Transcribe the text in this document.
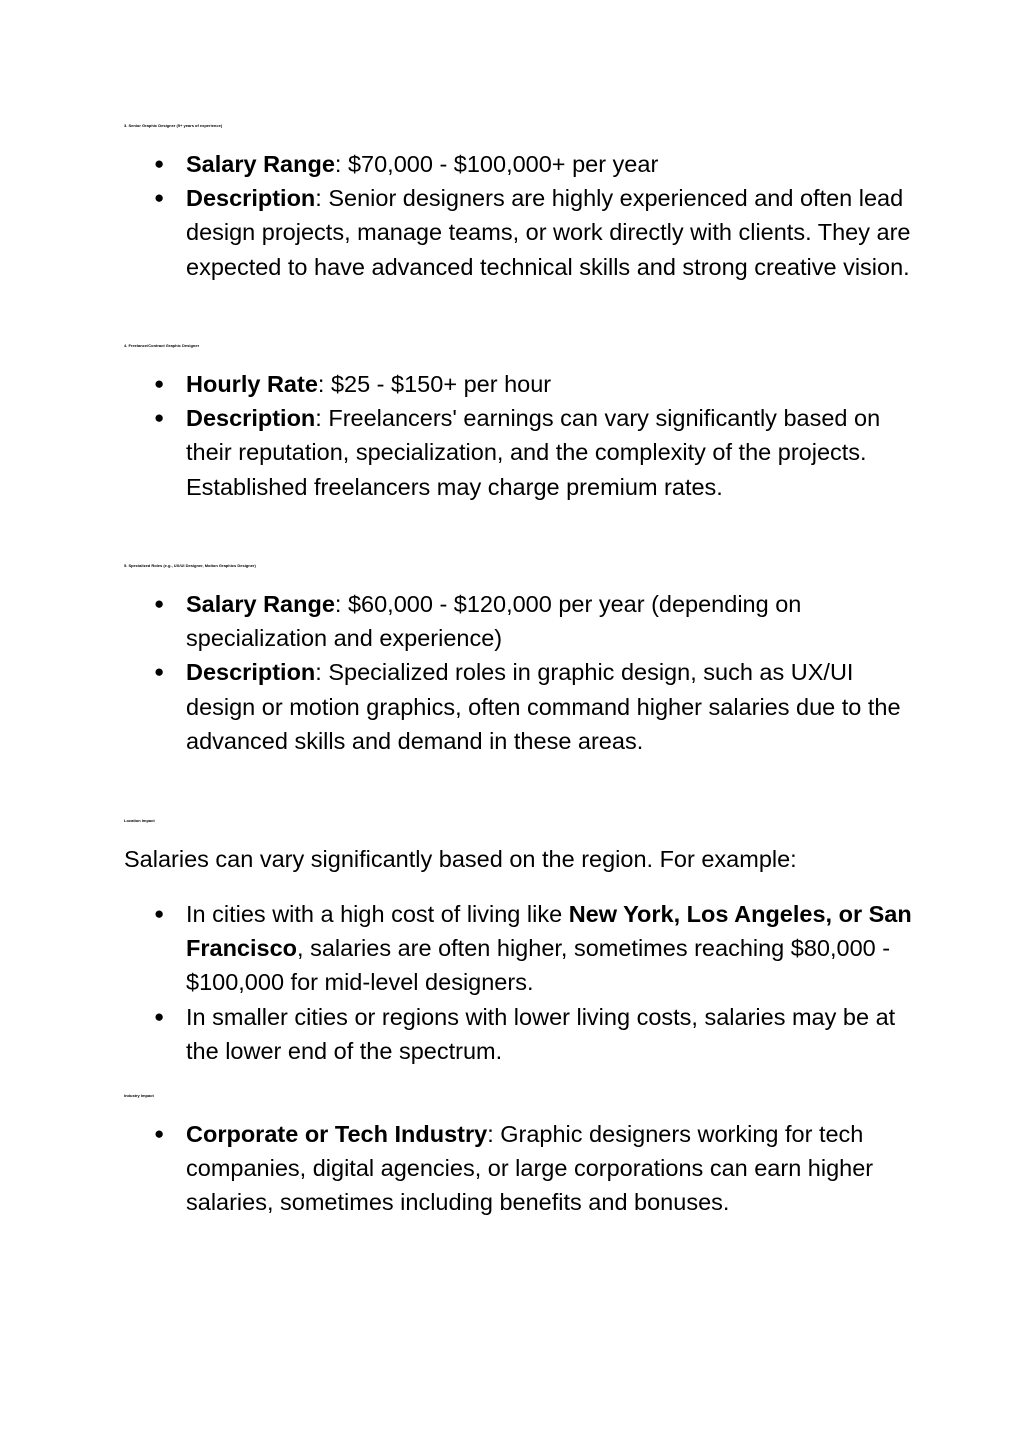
3. Senior Graphic Designer (5+ years of experience)
● Salary Range: $70,000 - $100,000+ per year
● Description: Senior designers are highly experienced and often lead design projects, manage teams, or work directly with clients. They are expected to have advanced technical skills and strong creative vision.
4. Freelance/Contract Graphic Designer
● Hourly Rate: $25 - $150+ per hour
● Description: Freelancers' earnings can vary significantly based on their reputation, specialization, and the complexity of the projects. Established freelancers may charge premium rates.
5. Specialized Roles (e.g., UX/UI Designer, Motion Graphics Designer)
● Salary Range: $60,000 - $120,000 per year (depending on specialization and experience)
● Description: Specialized roles in graphic design, such as UX/UI design or motion graphics, often command higher salaries due to the advanced skills and demand in these areas.
Location Impact

Salaries can vary significantly based on the region. For example:

● In cities with a high cost of living like New York, Los Angeles, or San Francisco, salaries are often higher, sometimes reaching $80,000 - $100,000 for mid-level designers.
● In smaller cities or regions with lower living costs, salaries may be at the lower end of the spectrum.
Industry Impact
● Corporate or Tech Industry: Graphic designers working for tech companies, digital agencies, or large corporations can earn higher salaries, sometimes including benefits and bonuses.
